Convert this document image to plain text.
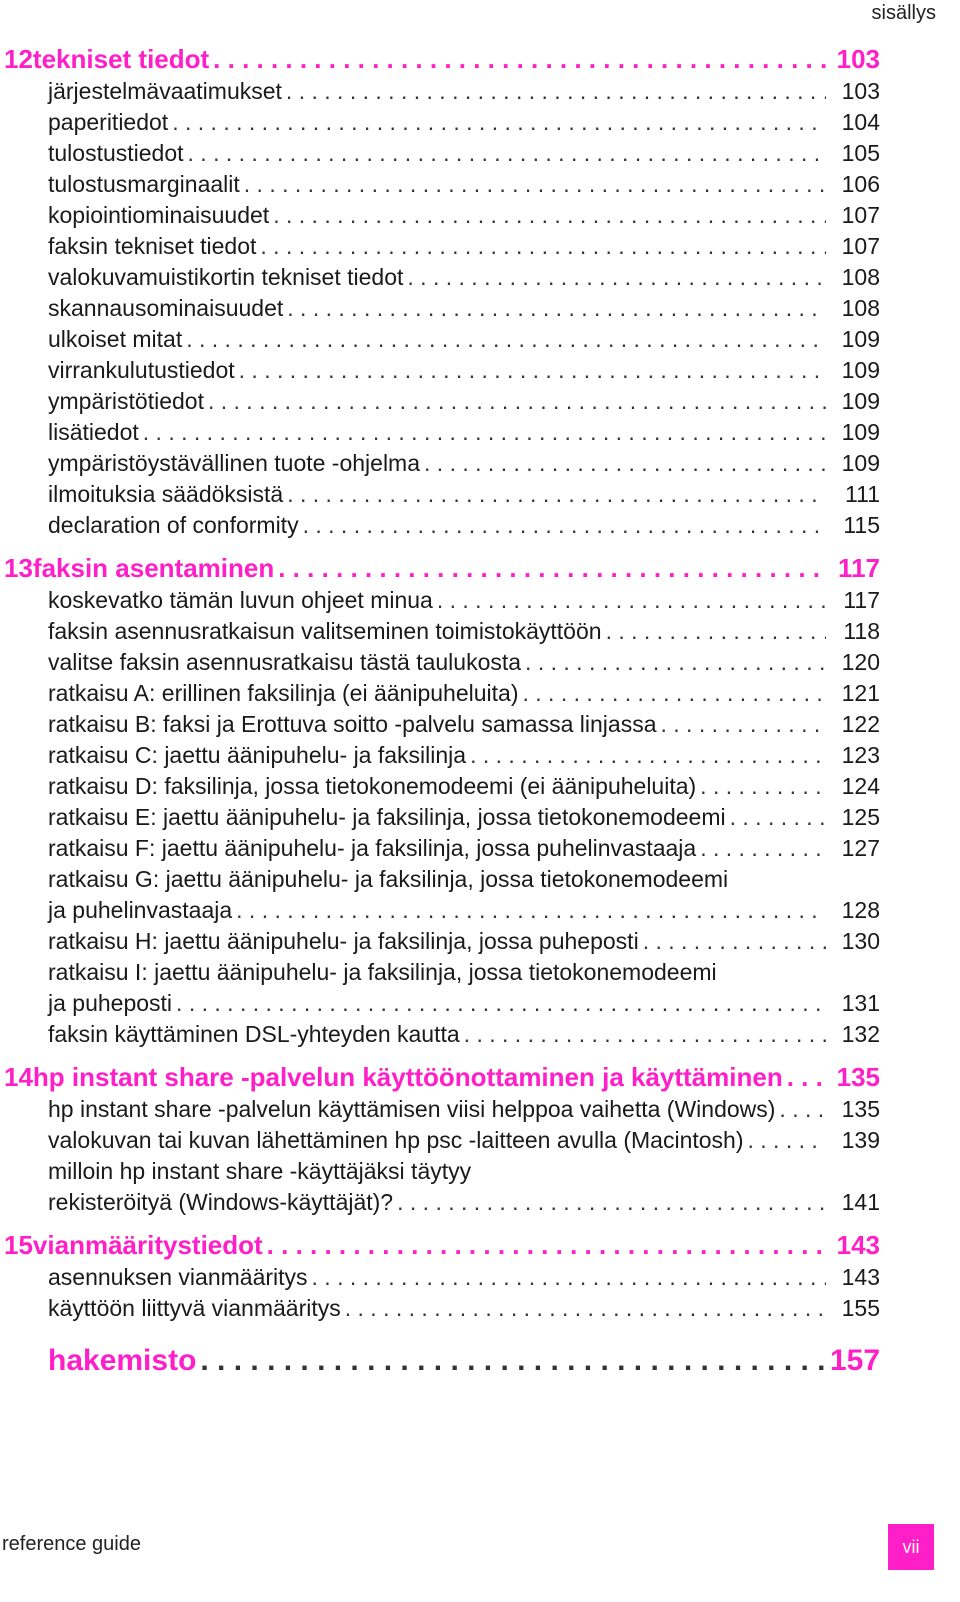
sisällys
12 tekniset tiedot . . .	103
järjestelmävaatimukset . . .	103
paperitiedot . . .	104
tulostustiedot . . .	105
tulostusmarginaalit . . .	106
kopiointiominaisuudet . . .	107
faksin tekniset tiedot . . .	107
valokuvamuistikortin tekniset tiedot . . .	108
skannausominaisuudet . . .	108
ulkoiset mitat . . .	109
virrankulutustiedot . . .	109
ympäristötiedot . . .	109
lisätiedot . . .	109
ympäristöystävällinen tuote -ohjelma . . .	109
ilmoituksia säädöksistä . . .	111
declaration of conformity . . .	115
13 faksin asentaminen . . .	117
koskevatko tämän luvun ohjeet minua . . .	117
faksin asennusratkaisun valitseminen toimistokäyttöön . . .	118
valitse faksin asennusratkaisu tästä taulukosta . . .	120
ratkaisu A: erillinen faksilinja (ei äänipuheluita) . . .	121
ratkaisu B: faksi ja Erottuva soitto -palvelu samassa linjassa . . .	122
ratkaisu C: jaettu äänipuhelu- ja faksilinja . . .	123
ratkaisu D: faksilinja, jossa tietokonemodeemi (ei äänipuheluita) . . .	124
ratkaisu E: jaettu äänipuhelu- ja faksilinja, jossa tietokonemodeemi . . .	125
ratkaisu F: jaettu äänipuhelu- ja faksilinja, jossa puhelinvastaaja . . .	127
ratkaisu G: jaettu äänipuhelu- ja faksilinja, jossa tietokonemodeemi
ja puhelinvastaaja . . .	128
ratkaisu H: jaettu äänipuhelu- ja faksilinja, jossa puheposti . . .	130
ratkaisu I: jaettu äänipuhelu- ja faksilinja, jossa tietokonemodeemi
ja puheposti . . .	131
faksin käyttäminen DSL-yhteyden kautta . . .	132
14 hp instant share -palvelun käyttöönottaminen ja käyttäminen . . . 135
hp instant share -palvelun käyttämisen viisi helppoa vaihetta (Windows) . . .	135
valokuvan tai kuvan lähettäminen hp psc -laitteen avulla (Macintosh) . . .	139
milloin hp instant share -käyttäjäksi täytyy
rekisteröityä (Windows-käyttäjät)? . . .	141
15 vianmääritystiedot . . .	143
asennuksen vianmääritys . . .	143
käyttöön liittyvä vianmääritys . . .	155
hakemisto . . .	157
reference guide	vii
